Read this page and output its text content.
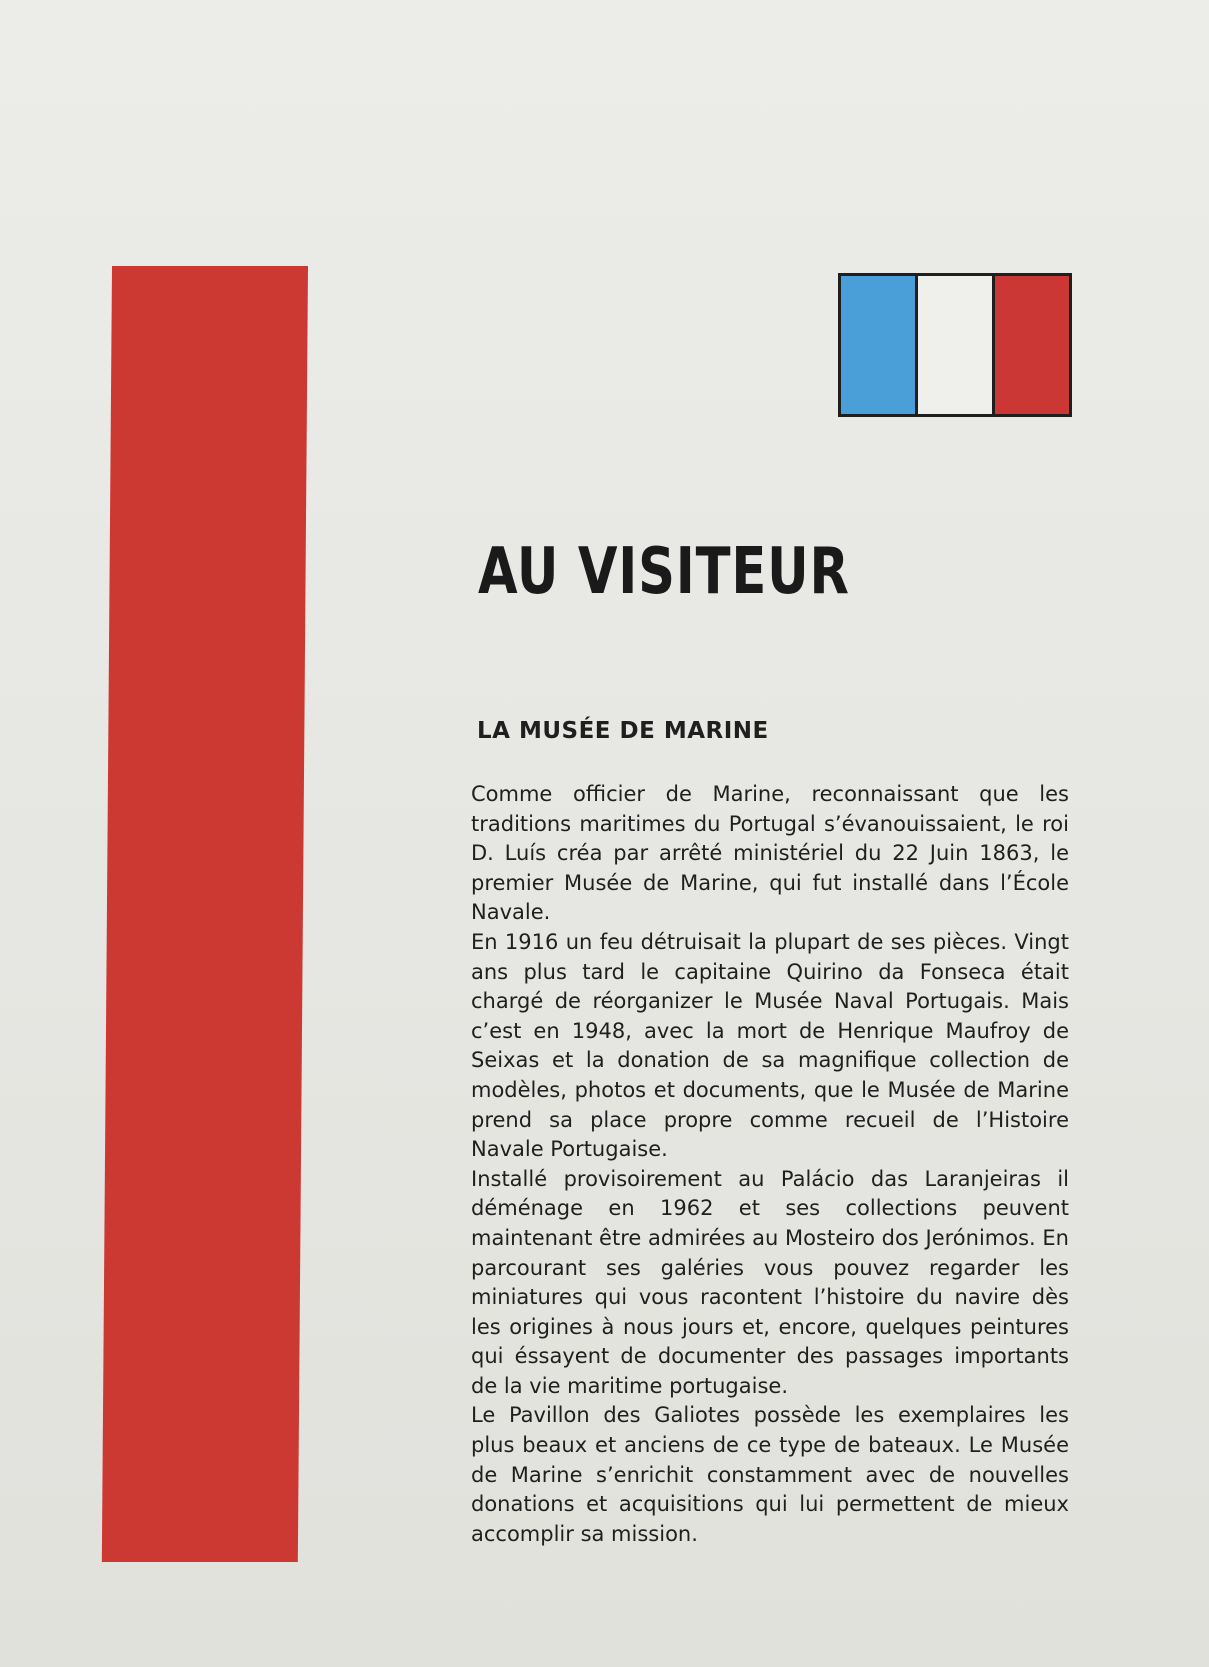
AU VISITEUR
LA MUSÉE DE MARINE

Comme officier de Marine, reconnaissant que les traditions maritimes du Portugal s’évanouissaient, le roi D. Luís créa par arrêté ministériel du 22 Juin 1863, le premier Musée de Marine, qui fut installé dans l’École Navale.

En 1916 un feu détruisait la plupart de ses pièces. Vingt ans plus tard le capitaine Quirino da Fonseca était chargé de réorganizer le Musée Naval Portugais. Mais c’est en 1948, avec la mort de Henrique Maufroy de Seixas et la donation de sa magnifique collection de modèles, photos et documents, que le Musée de Marine prend sa place propre comme recueil de l’Histoire Navale Portugaise.

Installé provisoirement au Palácio das Laranjeiras il déménage en 1962 et ses collections peuvent maintenant être admirées au Mosteiro dos Jerónimos. En parcourant ses galéries vous pouvez regarder les miniatures qui vous racontent l’histoire du navire dès les origines à nous jours et, encore, quelques peintures qui éssayent de documenter des passages importants de la vie maritime portugaise.

Le Pavillon des Galiotes possède les exemplaires les plus beaux et anciens de ce type de bateaux. Le Musée de Marine s’enrichit constamment avec de nouvelles donations et acquisitions qui lui permettent de mieux accomplir sa mission.
